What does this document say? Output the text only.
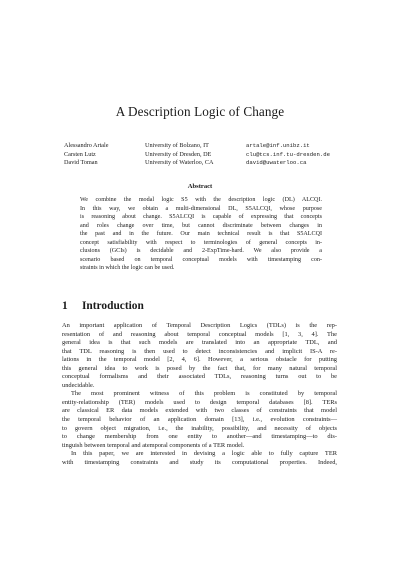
A Description Logic of Change
Alessandro Artale	University of Bolzano, IT	artale@inf.unibz.it
Carsten Lutz	University of Dresden, DE	clu@tcs.inf.tu-dresden.de
David Toman	University of Waterloo, CA	david@uwaterloo.ca
Abstract
We combine the modal logic S5 with the description logic (DL) ALCQI.
In this way, we obtain a multi-dimensional DL, S5ALCQI, whose purpose
is reasoning about change. S5ALCQI is capable of expressing that concepts
and roles change over time, but cannot discriminate between changes in
the past and in the future. Our main technical result is that S5ALCQI
concept satisfiability with respect to terminologies of general concepts in-
clusions (GCIs) is decidable and 2-ExpTime-hard. We also provide a
scenario based on temporal conceptual models with timestamping con-
straints in which the logic can be used.
1 Introduction
An important application of Temporal Description Logics (TDLs) is the rep-
resentation of and reasoning about temporal conceptual models [1, 3, 4]. The
general idea is that such models are translated into an appropriate TDL, and
that TDL reasoning is then used to detect inconsistencies and implicit IS-A re-
lations in the temporal model [2, 4, 6]. However, a serious obstacle for putting
this general idea to work is posed by the fact that, for many natural temporal
conceptual formalisms and their associated TDLs, reasoning turns out to be
undecidable.
The most prominent witness of this problem is constituted by temporal
entity-relationship (TER) models used to design temporal databases [8]. TERs
are classical ER data models extended with two classes of constraints that model
the temporal behavior of an application domain [13], i.e., evolution constraints—
to govern object migration, i.e., the inability, possibility, and necessity of objects
to change membership from one entity to another—and timestamping—to dis-
tinguish between temporal and atemporal components of a TER model.
In this paper, we are interested in devising a logic able to fully capture TER
with timestamping constraints and study its computational properties. Indeed,
